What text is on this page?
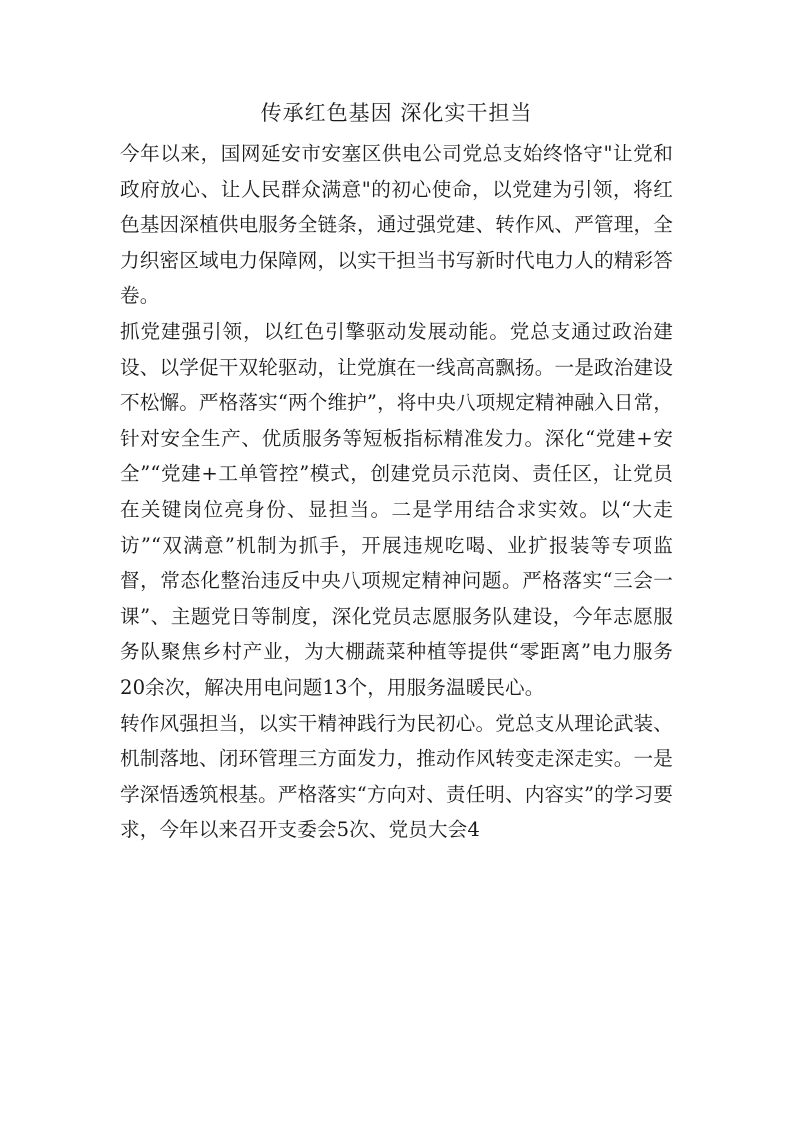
传承红色基因 深化实干担当

今年以来，国网延安市安塞区供电公司党总支始终恪守"让党和政府放心、让人民群众满意"的初心使命，以党建为引领，将红色基因深植供电服务全链条，通过强党建、转作风、严管理，全力织密区域电力保障网，以实干担当书写新时代电力人的精彩答卷。

抓党建强引领，以红色引擎驱动发展动能。党总支通过政治建设、以学促干双轮驱动，让党旗在一线高高飘扬。一是政治建设不松懈。严格落实“两个维护”，将中央八项规定精神融入日常，针对安全生产、优质服务等短板指标精准发力。深化“党建+安全”“党建+工单管控”模式，创建党员示范岗、责任区，让党员在关键岗位亮身份、显担当。二是学用结合求实效。以“大走访”“双满意”机制为抓手，开展违规吃喝、业扩报装等专项监督，常态化整治违反中央八项规定精神问题。严格落实“三会一课”、主题党日等制度，深化党员志愿服务队建设，今年志愿服务队聚焦乡村产业，为大棚蔬菜种植等提供“零距离”电力服务20余次，解决用电问题13个，用服务温暖民心。

转作风强担当，以实干精神践行为民初心。党总支从理论武装、机制落地、闭环管理三方面发力，推动作风转变走深走实。一是学深悟透筑根基。严格落实“方向对、责任明、内容实”的学习要求，今年以来召开支委会5次、党员大会4
